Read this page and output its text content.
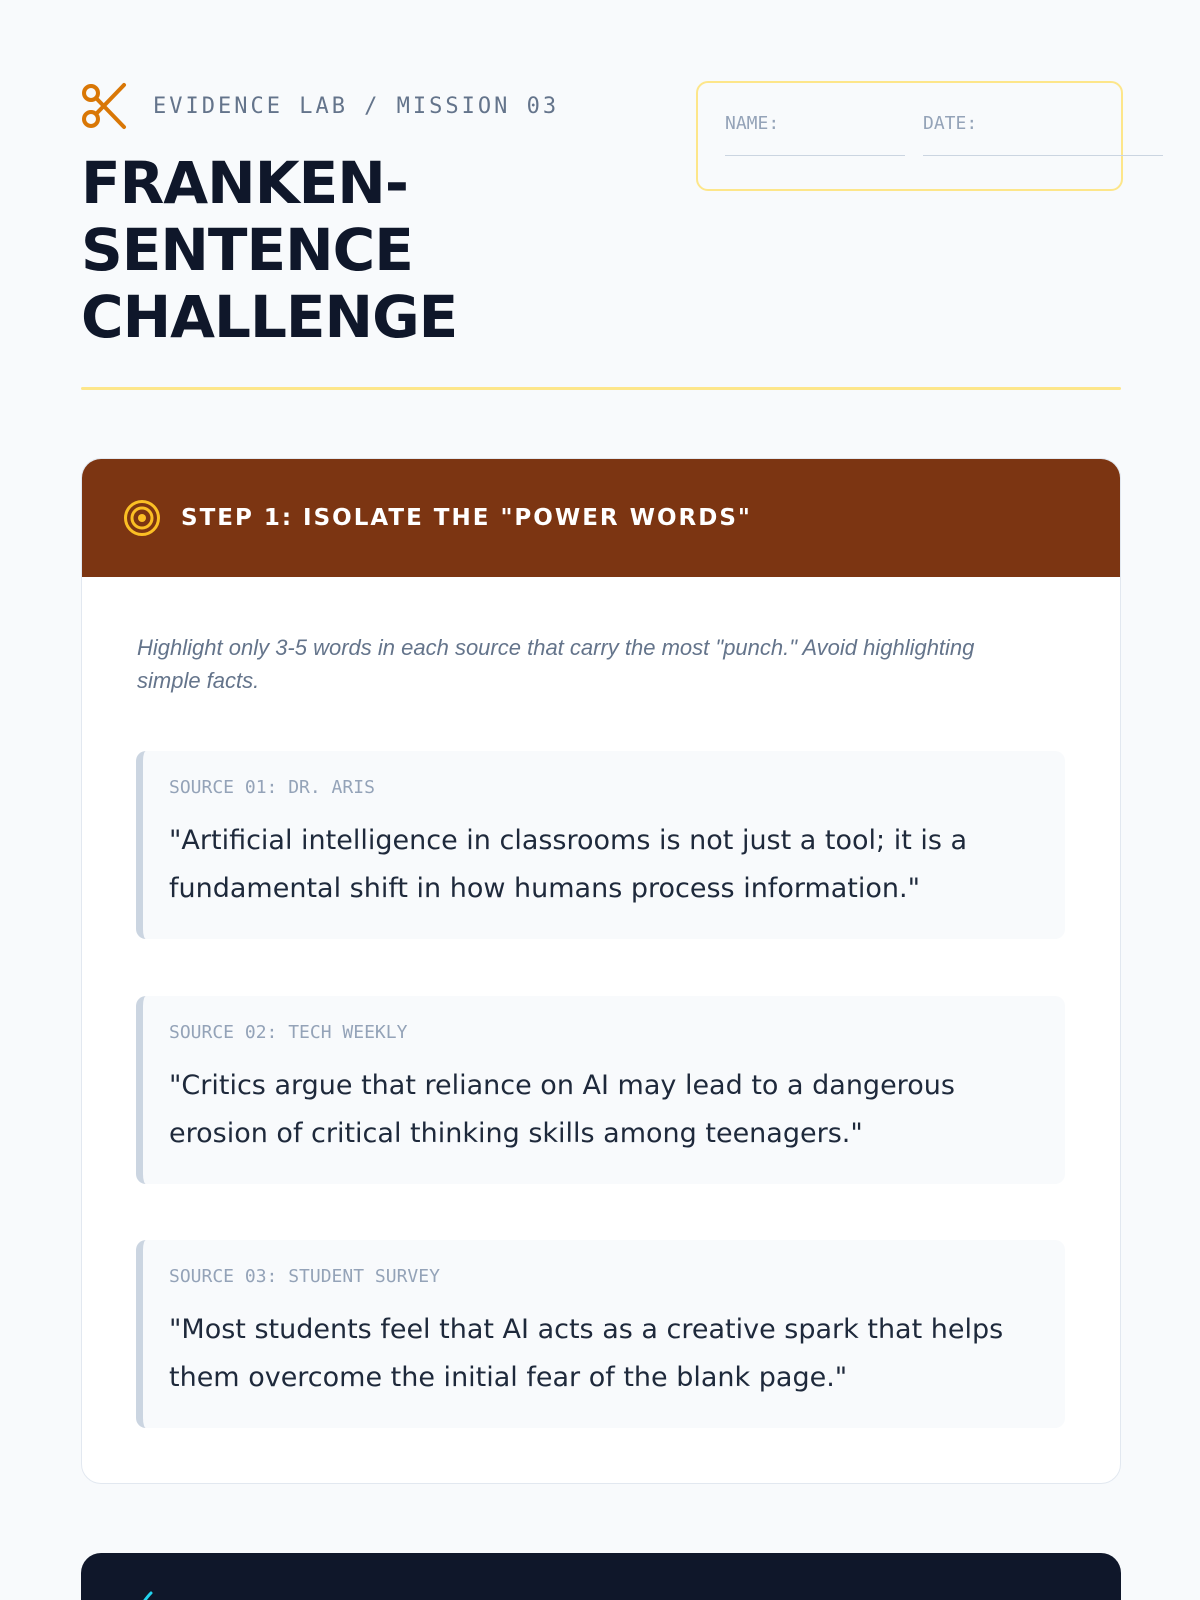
EVIDENCE LAB / MISSION 03
FRANKEN-
SENTENCE
CHALLENGE
NAME:	DATE:
STEP 1: ISOLATE THE "POWER WORDS"

Highlight only 3-5 words in each source that carry the most "punch." Avoid highlighting simple facts.

SOURCE 01: DR. ARIS

"Artificial intelligence in classrooms is not just a tool; it is a fundamental shift in how humans process information."

SOURCE 02: TECH WEEKLY

"Critics argue that reliance on AI may lead to a dangerous erosion of critical thinking skills among teenagers."

SOURCE 03: STUDENT SURVEY

"Most students feel that AI acts as a creative spark that helps them overcome the initial fear of the blank page."
